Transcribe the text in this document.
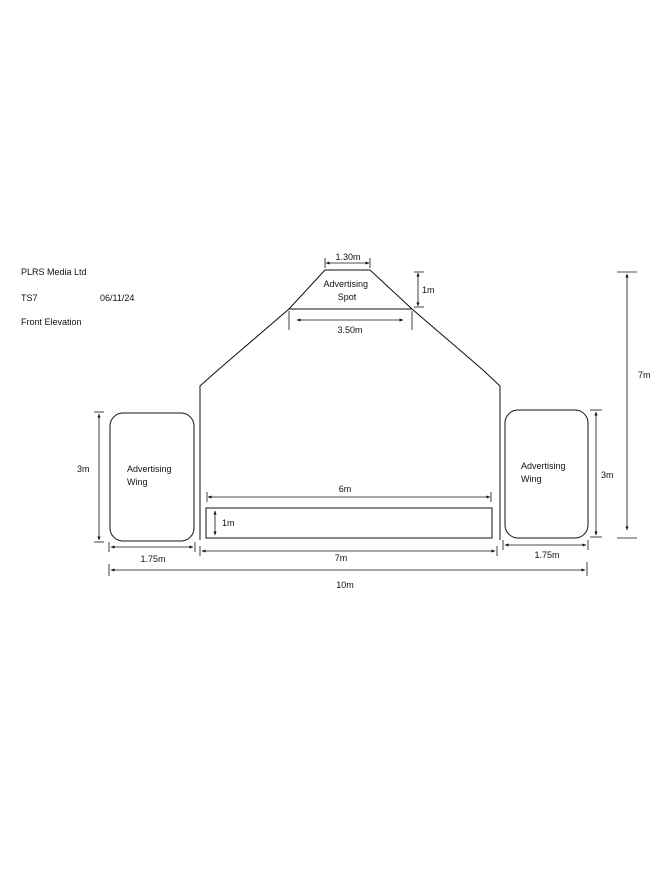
PLRS Media Ltd
TS7	06/11/24
Front Elevation
Advertising Spot
Advertising Wing
Advertising Wing
1.30m
1m
3.50m
7m
3m
3m
6m
1m
1.75m	7m	1.75m
10m
